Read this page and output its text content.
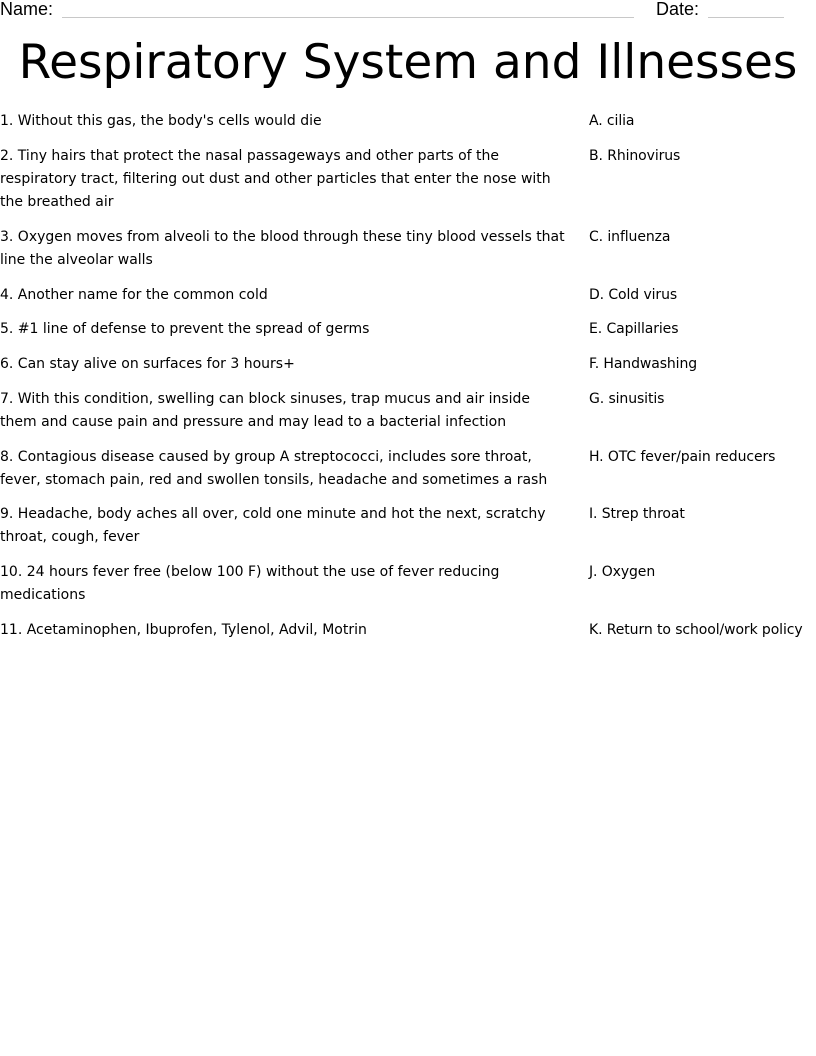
Name:	Date:
Respiratory System and Illnesses
1. Without this gas, the body's cells would die	A. cilia
2. Tiny hairs that protect the nasal passageways and other parts of the respiratory tract, filtering out dust and other particles that enter the nose with the breathed air
B. Rhinovirus
3. Oxygen moves from alveoli to the blood through these tiny blood vessels that line the alveolar walls
C. influenza
4. Another name for the common cold	D. Cold virus
5. #1 line of defense to prevent the spread of germs	E. Capillaries
6. Can stay alive on surfaces for 3 hours+	F. Handwashing
7. With this condition, swelling can block sinuses, trap mucus and air inside them and cause pain and pressure and may lead to a bacterial infection
G. sinusitis
8. Contagious disease caused by group A streptococci, includes sore throat, fever, stomach pain, red and swollen tonsils, headache and sometimes a rash
H. OTC fever/pain reducers
9. Headache, body aches all over, cold one minute and hot the next, scratchy throat, cough, fever
I. Strep throat
10. 24 hours fever free (below 100 F) without the use of fever reducing medications
J. Oxygen
11. Acetaminophen, Ibuprofen, Tylenol, Advil, Motrin	K. Return to school/work policy
